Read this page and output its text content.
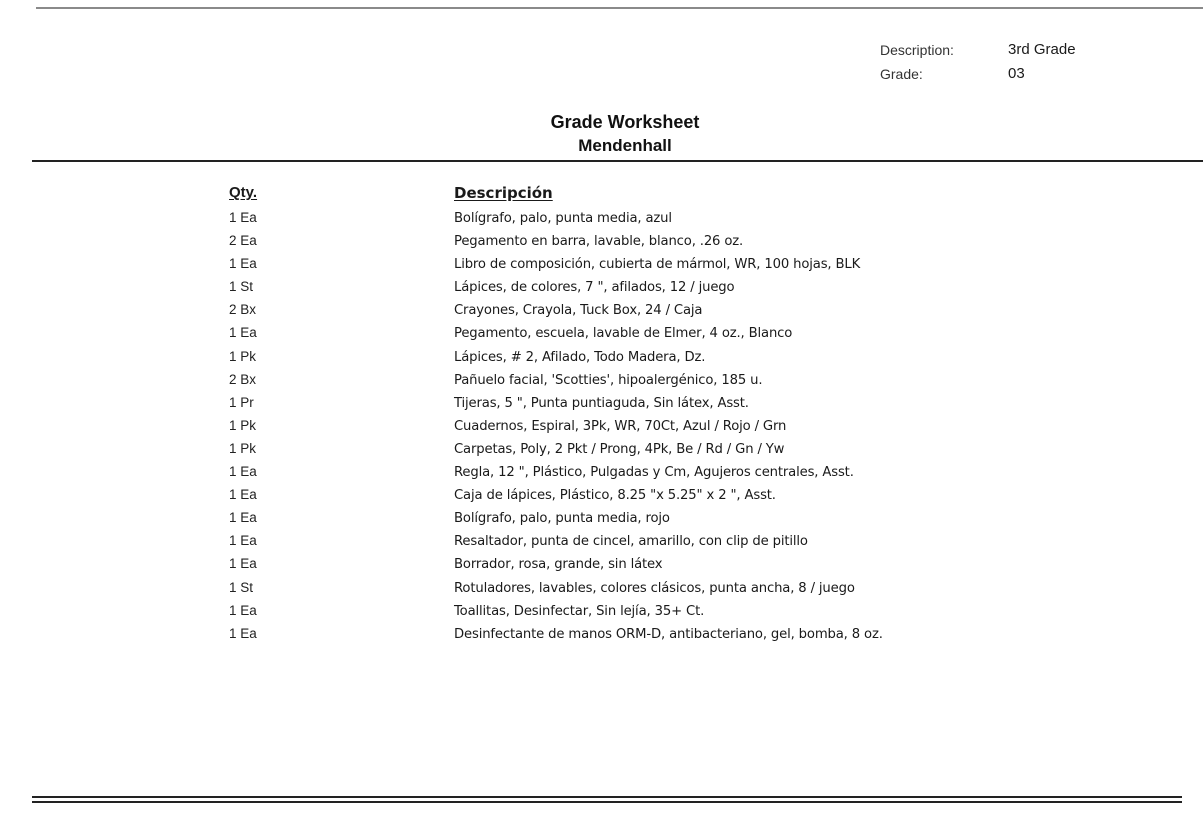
Description:	3rd Grade
Grade:	03
Grade Worksheet
Mendenhall
Qty.	Descripción
1 Ea	Bolígrafo, palo, punta media, azul
2 Ea	Pegamento en barra, lavable, blanco, .26 oz.
1 Ea	Libro de composición, cubierta de mármol, WR, 100 hojas, BLK
1 St	Lápices, de colores, 7 ", afilados, 12 / juego
2 Bx	Crayones, Crayola, Tuck Box, 24 / Caja
1 Ea	Pegamento, escuela, lavable de Elmer, 4 oz., Blanco
1 Pk	Lápices, # 2, Afilado, Todo Madera, Dz.
2 Bx	Pañuelo facial, 'Scotties', hipoalergénico, 185 u.
1 Pr	Tijeras, 5 ", Punta puntiaguda, Sin látex, Asst.
1 Pk	Cuadernos, Espiral, 3Pk, WR, 70Ct, Azul / Rojo / Grn
1 Pk	Carpetas, Poly, 2 Pkt / Prong, 4Pk, Be / Rd / Gn / Yw
1 Ea	Regla, 12 ", Plástico, Pulgadas y Cm, Agujeros centrales, Asst.
1 Ea	Caja de lápices, Plástico, 8.25 "x 5.25" x 2 ", Asst.
1 Ea	Bolígrafo, palo, punta media, rojo
1 Ea	Resaltador, punta de cincel, amarillo, con clip de pitillo
1 Ea	Borrador, rosa, grande, sin látex
1 St	Rotuladores, lavables, colores clásicos, punta ancha, 8 / juego
1 Ea	Toallitas, Desinfectar, Sin lejía, 35+ Ct.
1 Ea	Desinfectante de manos ORM-D, antibacteriano, gel, bomba, 8 oz.
